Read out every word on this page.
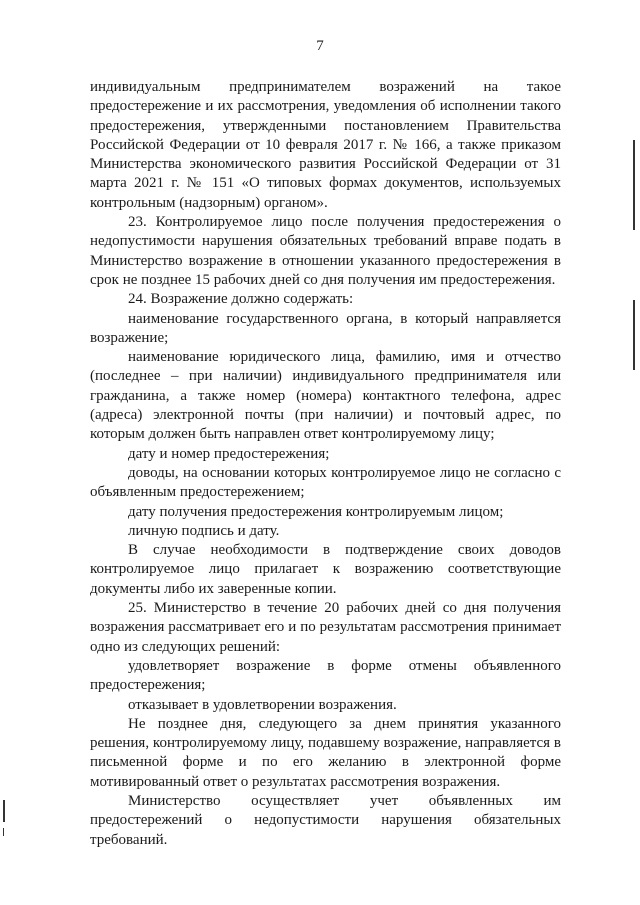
7

индивидуальным предпринимателем возражений на такое предостережение и их рассмотрения, уведомления об исполнении такого предостережения, утвержденными постановлением Правительства Российской Федерации от 10 февраля 2017 г. № 166, а также приказом Министерства экономического развития Российской Федерации от 31 марта 2021 г. № 151 «О типовых формах документов, используемых контрольным (надзорным) органом».

23. Контролируемое лицо после получения предостережения о недопустимости нарушения обязательных требований вправе подать в Министерство возражение в отношении указанного предостережения в срок не позднее 15 рабочих дней со дня получения им предостережения.

24. Возражение должно содержать:

наименование государственного органа, в который направляется возражение;

наименование юридического лица, фамилию, имя и отчество (последнее – при наличии) индивидуального предпринимателя или гражданина, а также номер (номера) контактного телефона, адрес (адреса) электронной почты (при наличии) и почтовый адрес, по которым должен быть направлен ответ контролируемому лицу;

дату и номер предостережения;

доводы, на основании которых контролируемое лицо не согласно с объявленным предостережением;

дату получения предостережения контролируемым лицом;

личную подпись и дату.

В случае необходимости в подтверждение своих доводов контролируемое лицо прилагает к возражению соответствующие документы либо их заверенные копии.

25. Министерство в течение 20 рабочих дней со дня получения возражения рассматривает его и по результатам рассмотрения принимает одно из следующих решений:

удовлетворяет возражение в форме отмены объявленного предостережения;

отказывает в удовлетворении возражения.

Не позднее дня, следующего за днем принятия указанного решения, контролируемому лицу, подавшему возражение, направляется в письменной форме и по его желанию в электронной форме мотивированный ответ о результатах рассмотрения возражения.

Министерство осуществляет учет объявленных им предостережений о недопустимости нарушения обязательных требований.
